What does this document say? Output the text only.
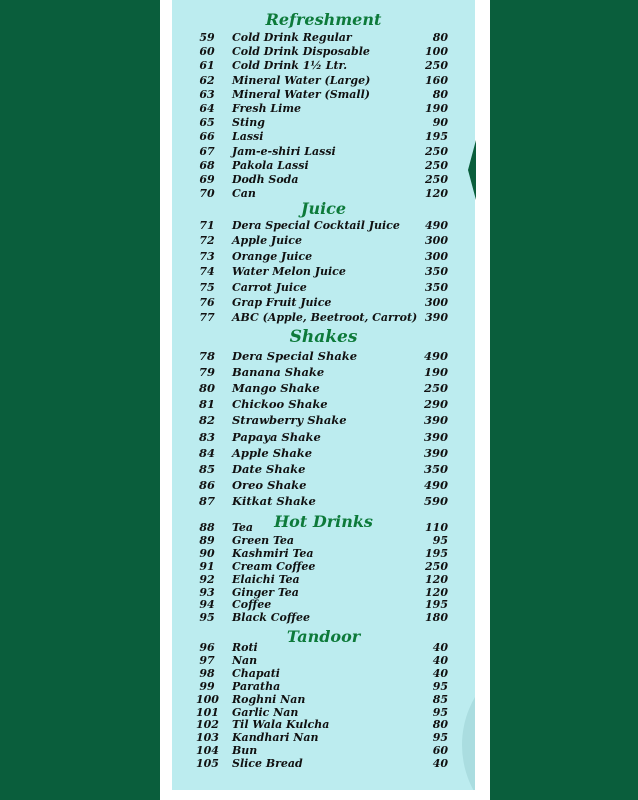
Refreshment
59	Cold Drink Regular	80
60	Cold Drink Disposable	100
61	Cold Drink 1½ Ltr.	250
62	Mineral Water (Large)	160
63	Mineral Water (Small)	80
64	Fresh Lime	190
65	Sting	90
66	Lassi	195
67	Jam-e-shiri Lassi	250
68	Pakola Lassi	250
69	Dodh Soda	250
70	Can	120
Juice
71	Dera Special Cocktail Juice	490
72	Apple Juice	300
73	Orange Juice	300
74	Water Melon Juice	350
75	Carrot Juice	350
76	Grap Fruit Juice	300
77	ABC (Apple, Beetroot, Carrot) 390
Shakes
78 Dera Special Shake	490
79 Banana Shake	190
80 Mango Shake	250
81 Chickoo Shake	290
82 Strawberry Shake	390
83 Papaya Shake	390
84 Apple Shake	390
85 Date Shake	350
86 Oreo Shake	490
87 Kitkat Shake	590
Hot Drinks
88	Tea	110
89	Green Tea	95
90	Kashmiri Tea	195
91	Cream Coffee	250
92	Elaichi Tea	120
93	Ginger Tea	120
94	Coffee	195
95	Black Coffee	180
Tandoor
96	Roti	40
97	Nan	40
98	Chapati	40
99	Paratha	95
100 Roghni Nan	85
101 Garlic Nan	95
102 Til Wala Kulcha	80
103 Kandhari Nan	95
104 Bun	60
105 Slice Bread	40
